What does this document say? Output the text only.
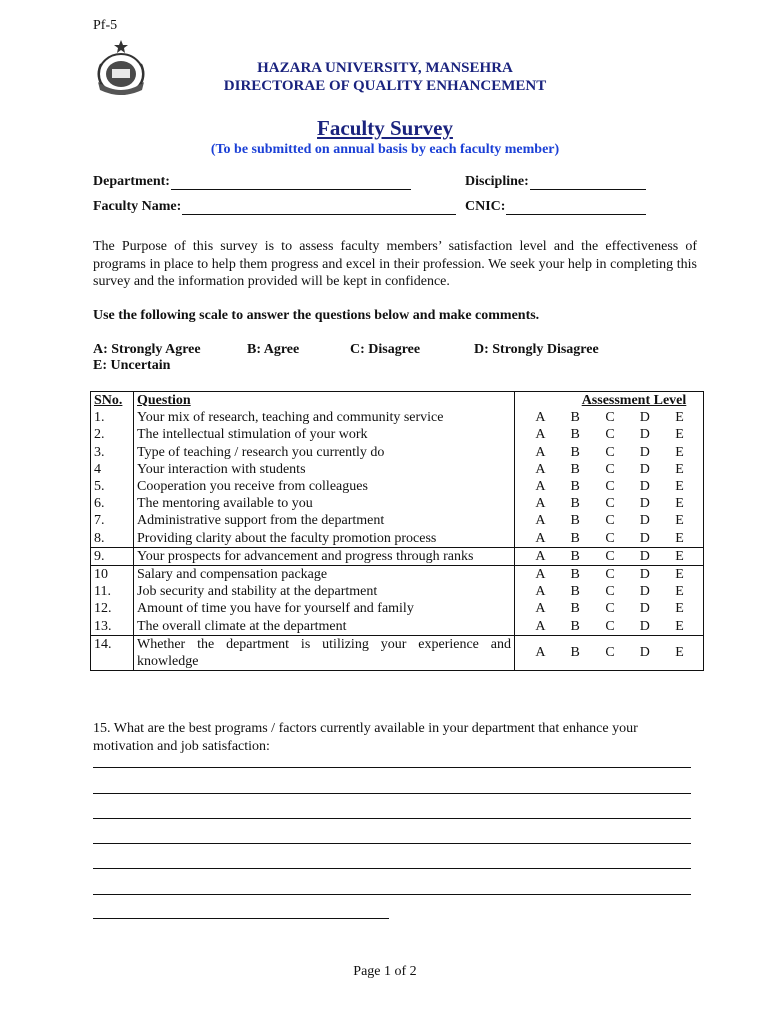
Pf-5
HAZARA UNIVERSITY, MANSEHRA
DIRECTORAE OF QUALITY ENHANCEMENT
Faculty Survey
(To be submitted on annual basis by each faculty member)
Department:	Discipline:
Faculty Name:	CNIC:
The Purpose of this survey is to assess faculty members’ satisfaction level and the effectiveness of programs in place to help them progress and excel in their profession. We seek your help in completing this survey and the information provided will be kept in confidence.
Use the following scale to answer the questions below and make comments.
A: Strongly Agree	B: Agree	C: Disagree	D: Strongly Disagree
E: Uncertain
SNo.	Question	Assessment Level
1.	Your mix of research, teaching and community service	A B C D E

2.	The intellectual stimulation of your work	A B C D E

3.	Type of teaching / research you currently do	A B C D E

4	Your interaction with students	A B C D E

5.	Cooperation you receive from colleagues	A B C D E

6.	The mentoring available to you	A B C D E

7.	Administrative support from the department	A B C D E

8.	Providing clarity about the faculty promotion process	A B C D E

9.	Your prospects for advancement and progress through ranks	A B C D E

10	Salary and compensation package	A B C D E

11.	Job security and stability at the department	A B C D E

12.	Amount of time you have for yourself and family	A B C D E

13.	The overall climate at the department	A B C D E

14.	Whether the department is utilizing your experience and knowledge	A B C D E
15. What are the best programs / factors currently available in your department that enhance your motivation and job satisfaction:
Page 1 of 2
